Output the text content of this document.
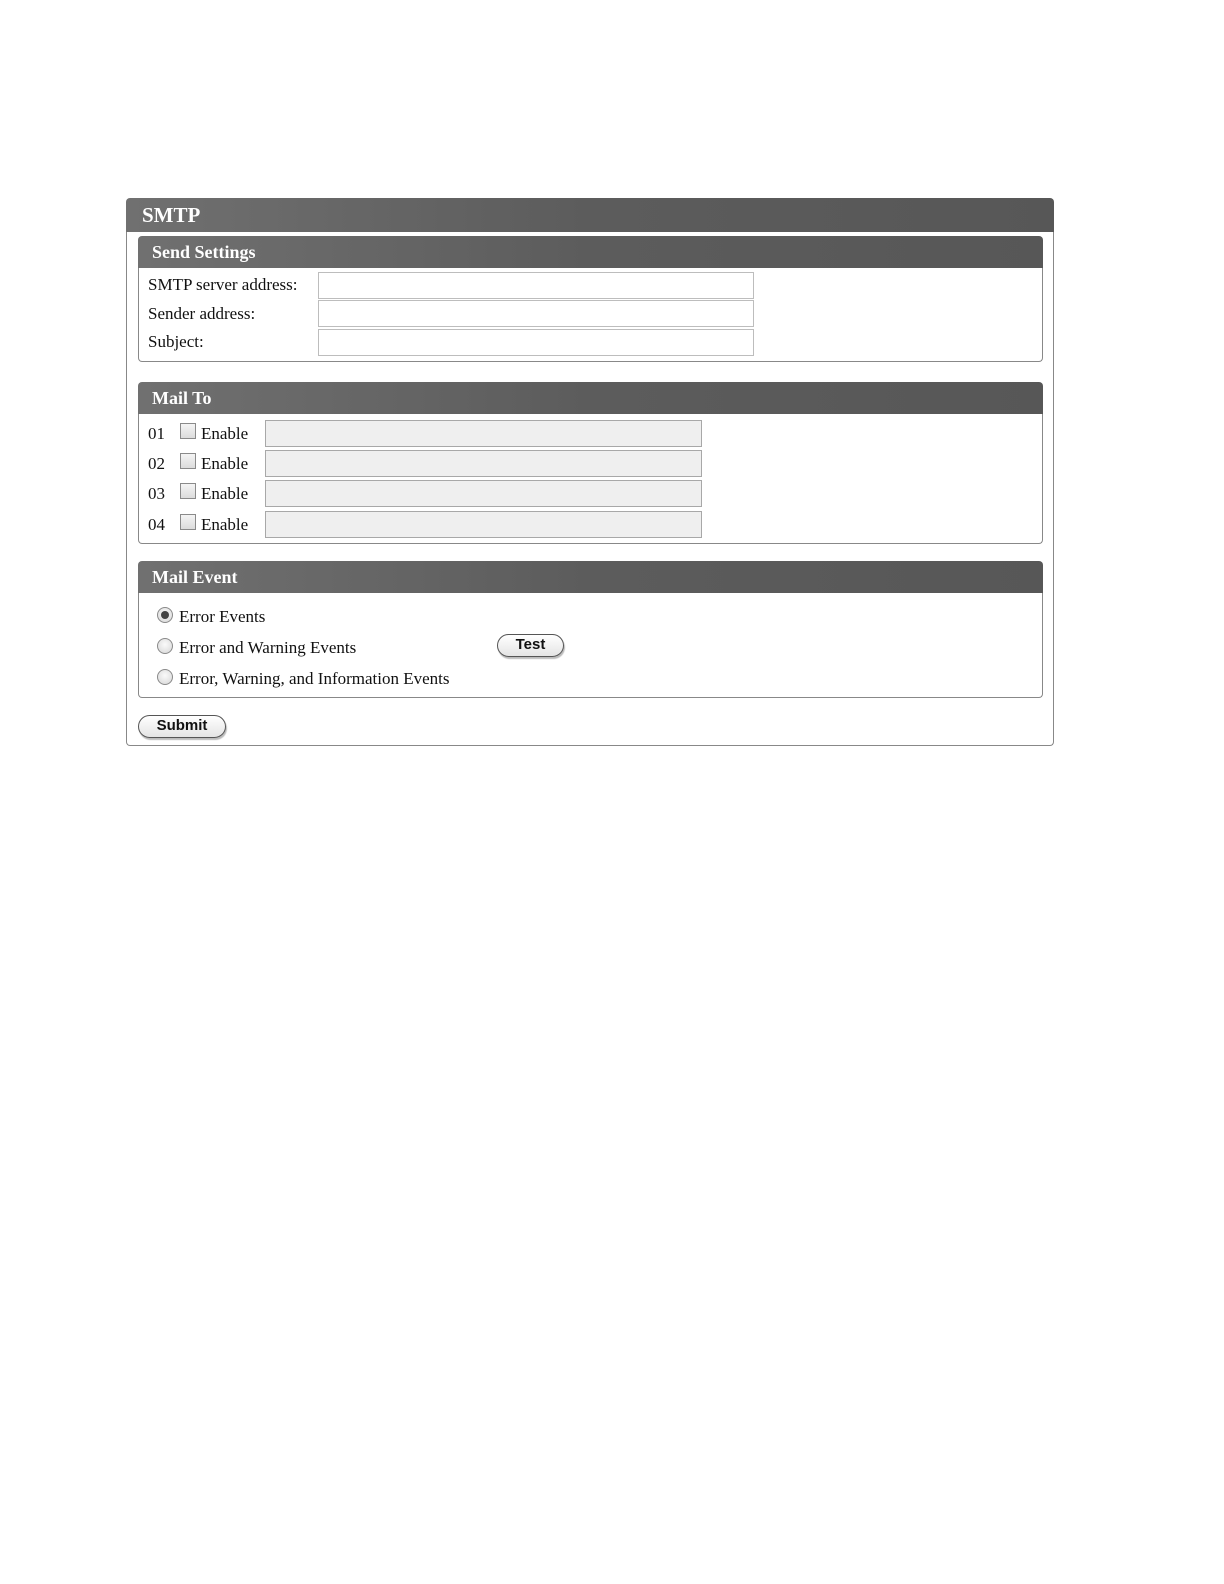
SMTP
Send Settings
SMTP server address:
Sender address:
Subject:
Mail To
01 Enable
02 Enable
03 Enable
04 Enable
Mail Event
Error Events
Error and Warning Events
Error, Warning, and Information Events
Test
Submit
